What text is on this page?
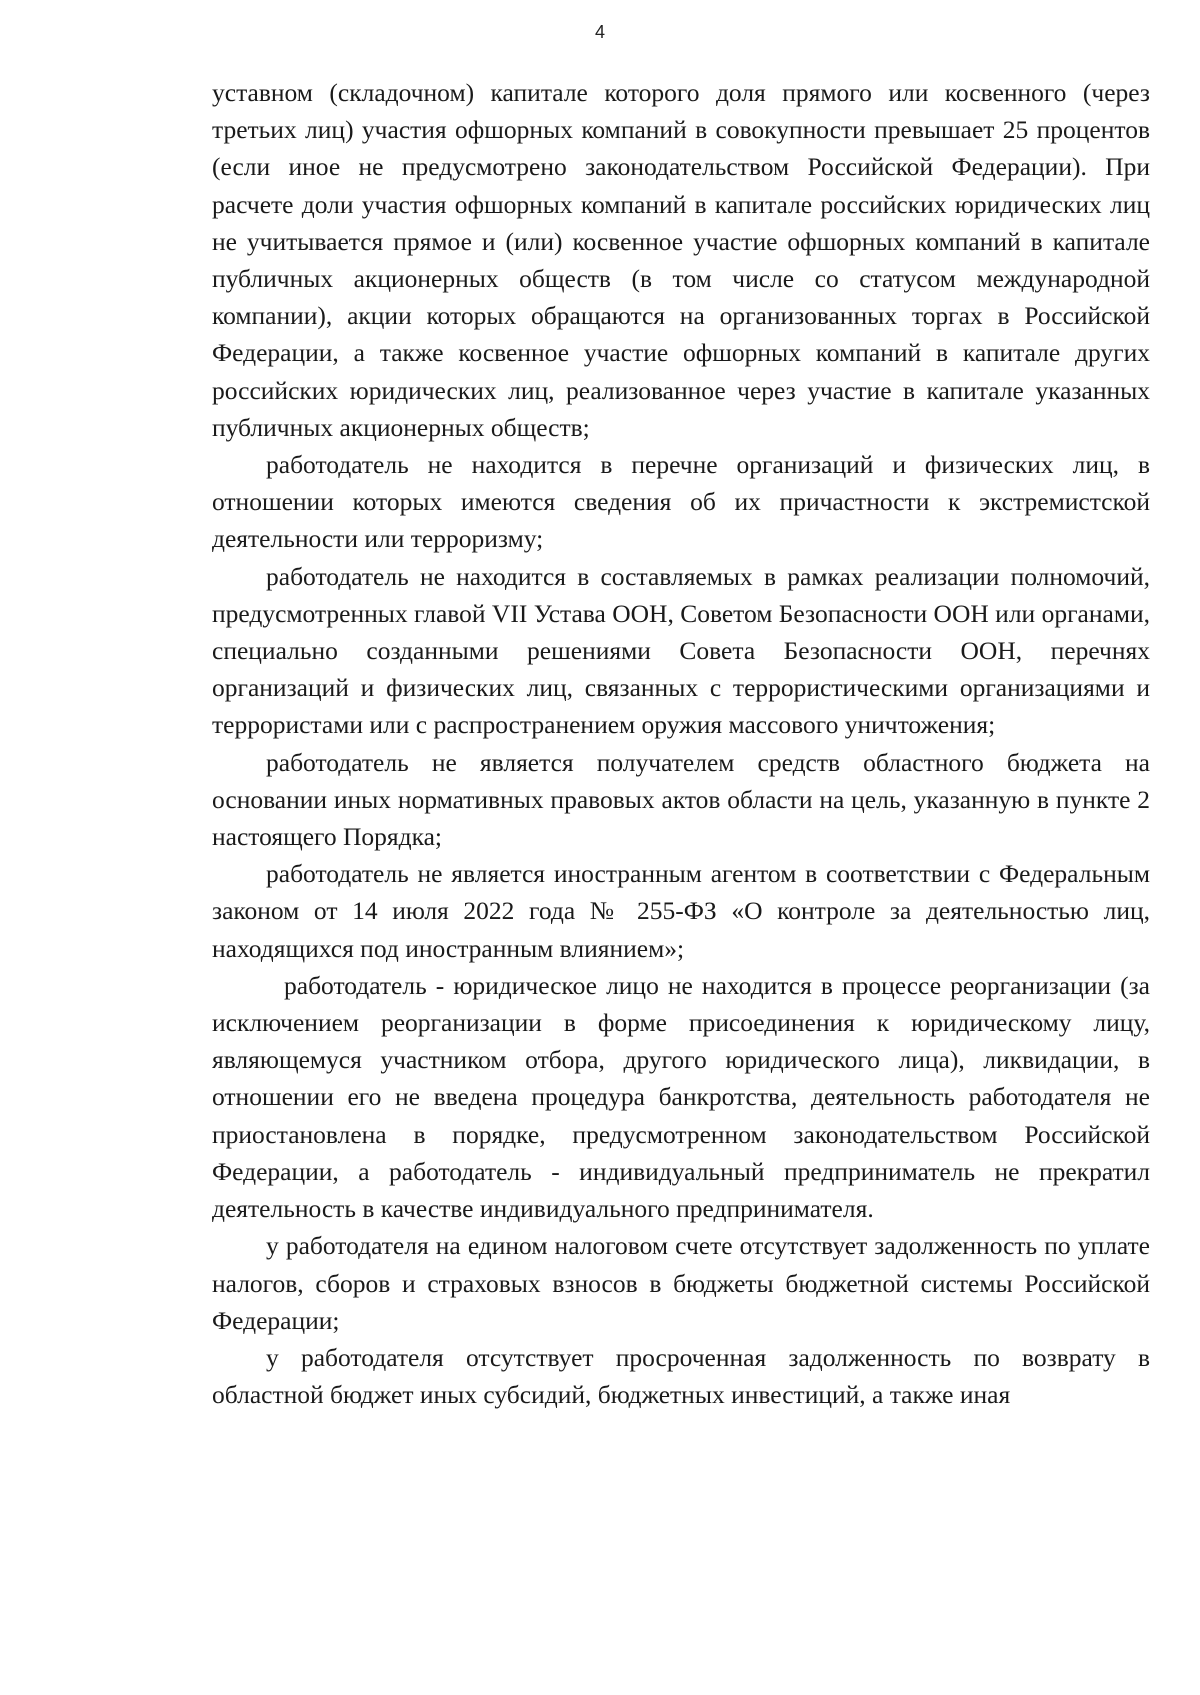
4

уставном (складочном) капитале которого доля прямого или косвенного (через третьих лиц) участия офшорных компаний в совокупности превышает 25 процентов (если иное не предусмотрено законодательством Российской Федерации). При расчете доли участия офшорных компаний в капитале российских юридических лиц не учитывается прямое и (или) косвенное участие офшорных компаний в капитале публичных акционерных обществ (в том числе со статусом международной компании), акции которых обращаются на организованных торгах в Российской Федерации, а также косвенное участие офшорных компаний в капитале других российских юридических лиц, реализованное через участие в капитале указанных публичных акционерных обществ;

работодатель не находится в перечне организаций и физических лиц, в отношении которых имеются сведения об их причастности к экстремистской деятельности или терроризму;

работодатель не находится в составляемых в рамках реализации полномочий, предусмотренных главой VII Устава ООН, Советом Безопасности ООН или органами, специально созданными решениями Совета Безопасности ООН, перечнях организаций и физических лиц, связанных с террористическими организациями и террористами или с распространением оружия массового уничтожения;

работодатель не является получателем средств областного бюджета на основании иных нормативных правовых актов области на цель, указанную в пункте 2 настоящего Порядка;

работодатель не является иностранным агентом в соответствии с Федеральным законом от 14 июля 2022 года № 255-ФЗ «О контроле за деятельностью лиц, находящихся под иностранным влиянием»;

работодатель - юридическое лицо не находится в процессе реорганизации (за исключением реорганизации в форме присоединения к юридическому лицу, являющемуся участником отбора, другого юридического лица), ликвидации, в отношении его не введена процедура банкротства, деятельность работодателя не приостановлена в порядке, предусмотренном законодательством Российской Федерации, а работодатель - индивидуальный предприниматель не прекратил деятельность в качестве индивидуального предпринимателя.

у работодателя на едином налоговом счете отсутствует задолженность по уплате налогов, сборов и страховых взносов в бюджеты бюджетной системы Российской Федерации;

у работодателя отсутствует просроченная задолженность по возврату в областной бюджет иных субсидий, бюджетных инвестиций, а также иная
